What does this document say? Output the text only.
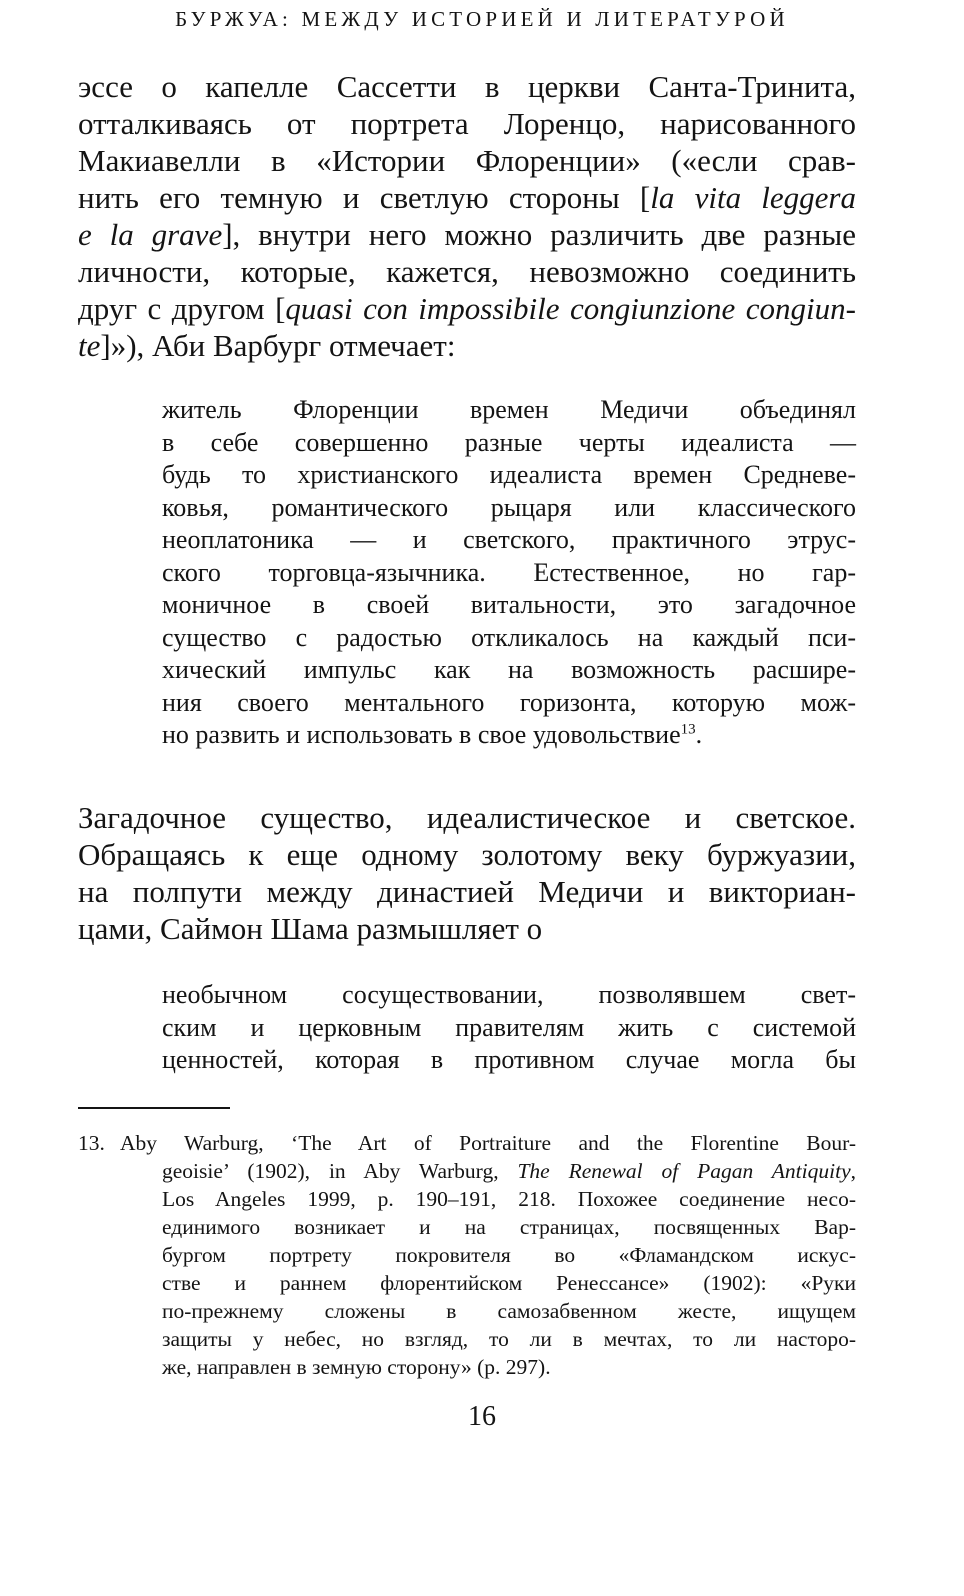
БУРЖУА: МЕЖДУ ИСТОРИЕЙ И ЛИТЕРАТУРОЙ
эссе о капелле Сассетти в церкви Санта-Тринита,
отталкиваясь от портрета Лоренцо, нарисованного
Макиавелли в «Истории Флоренции» («если срав-
нить его темную и светлую стороны [la vita leggera
e la grave], внутри него можно различить две разные
личности, которые, кажется, невозможно соединить
друг с другом [quasi con impossibile congiunzione congiun-
te]»), Аби Варбург отмечает:
житель Флоренции времен Медичи объединял
в себе совершенно разные черты идеалиста —
будь то христианского идеалиста времен Средневе-
ковья, романтического рыцаря или классического
неоплатоника — и светского, практичного этрус-
ского торговца-язычника. Естественное, но гар-
моничное в своей витальности, это загадочное
существо с радостью откликалось на каждый пси-
хический импульс как на возможность расшире-
ния своего ментального горизонта, которую мож-
но развить и использовать в свое удовольствие$^{13}$.
Загадочное существо, идеалистическое и светское.
Обращаясь к еще одному золотому веку буржуазии,
на полпути между династией Медичи и викториан-
цами, Саймон Шама размышляет о
необычном сосуществовании, позволявшем свет-
ским и церковным правителям жить с системой
ценностей, которая в противном случае могла бы
13. Aby Warburg, ‘The Art of Portraiture and the Florentine Bour-
geoisie’ (1902), in Aby Warburg, The Renewal of Pagan Antiquity,
Los Angeles 1999, p. 190–191, 218. Похожее соединение несо-
единимого возникает и на страницах, посвященных Вар-
бургом портрету покровителя во «Фламандском искус-
стве и раннем флорентийском Ренессансе» (1902): «Руки
по-прежнему сложены в самозабвенном жесте, ищущем
защиты у небес, но взгляд, то ли в мечтах, то ли насторо-
же, направлен в земную сторону» (p. 297).
16
